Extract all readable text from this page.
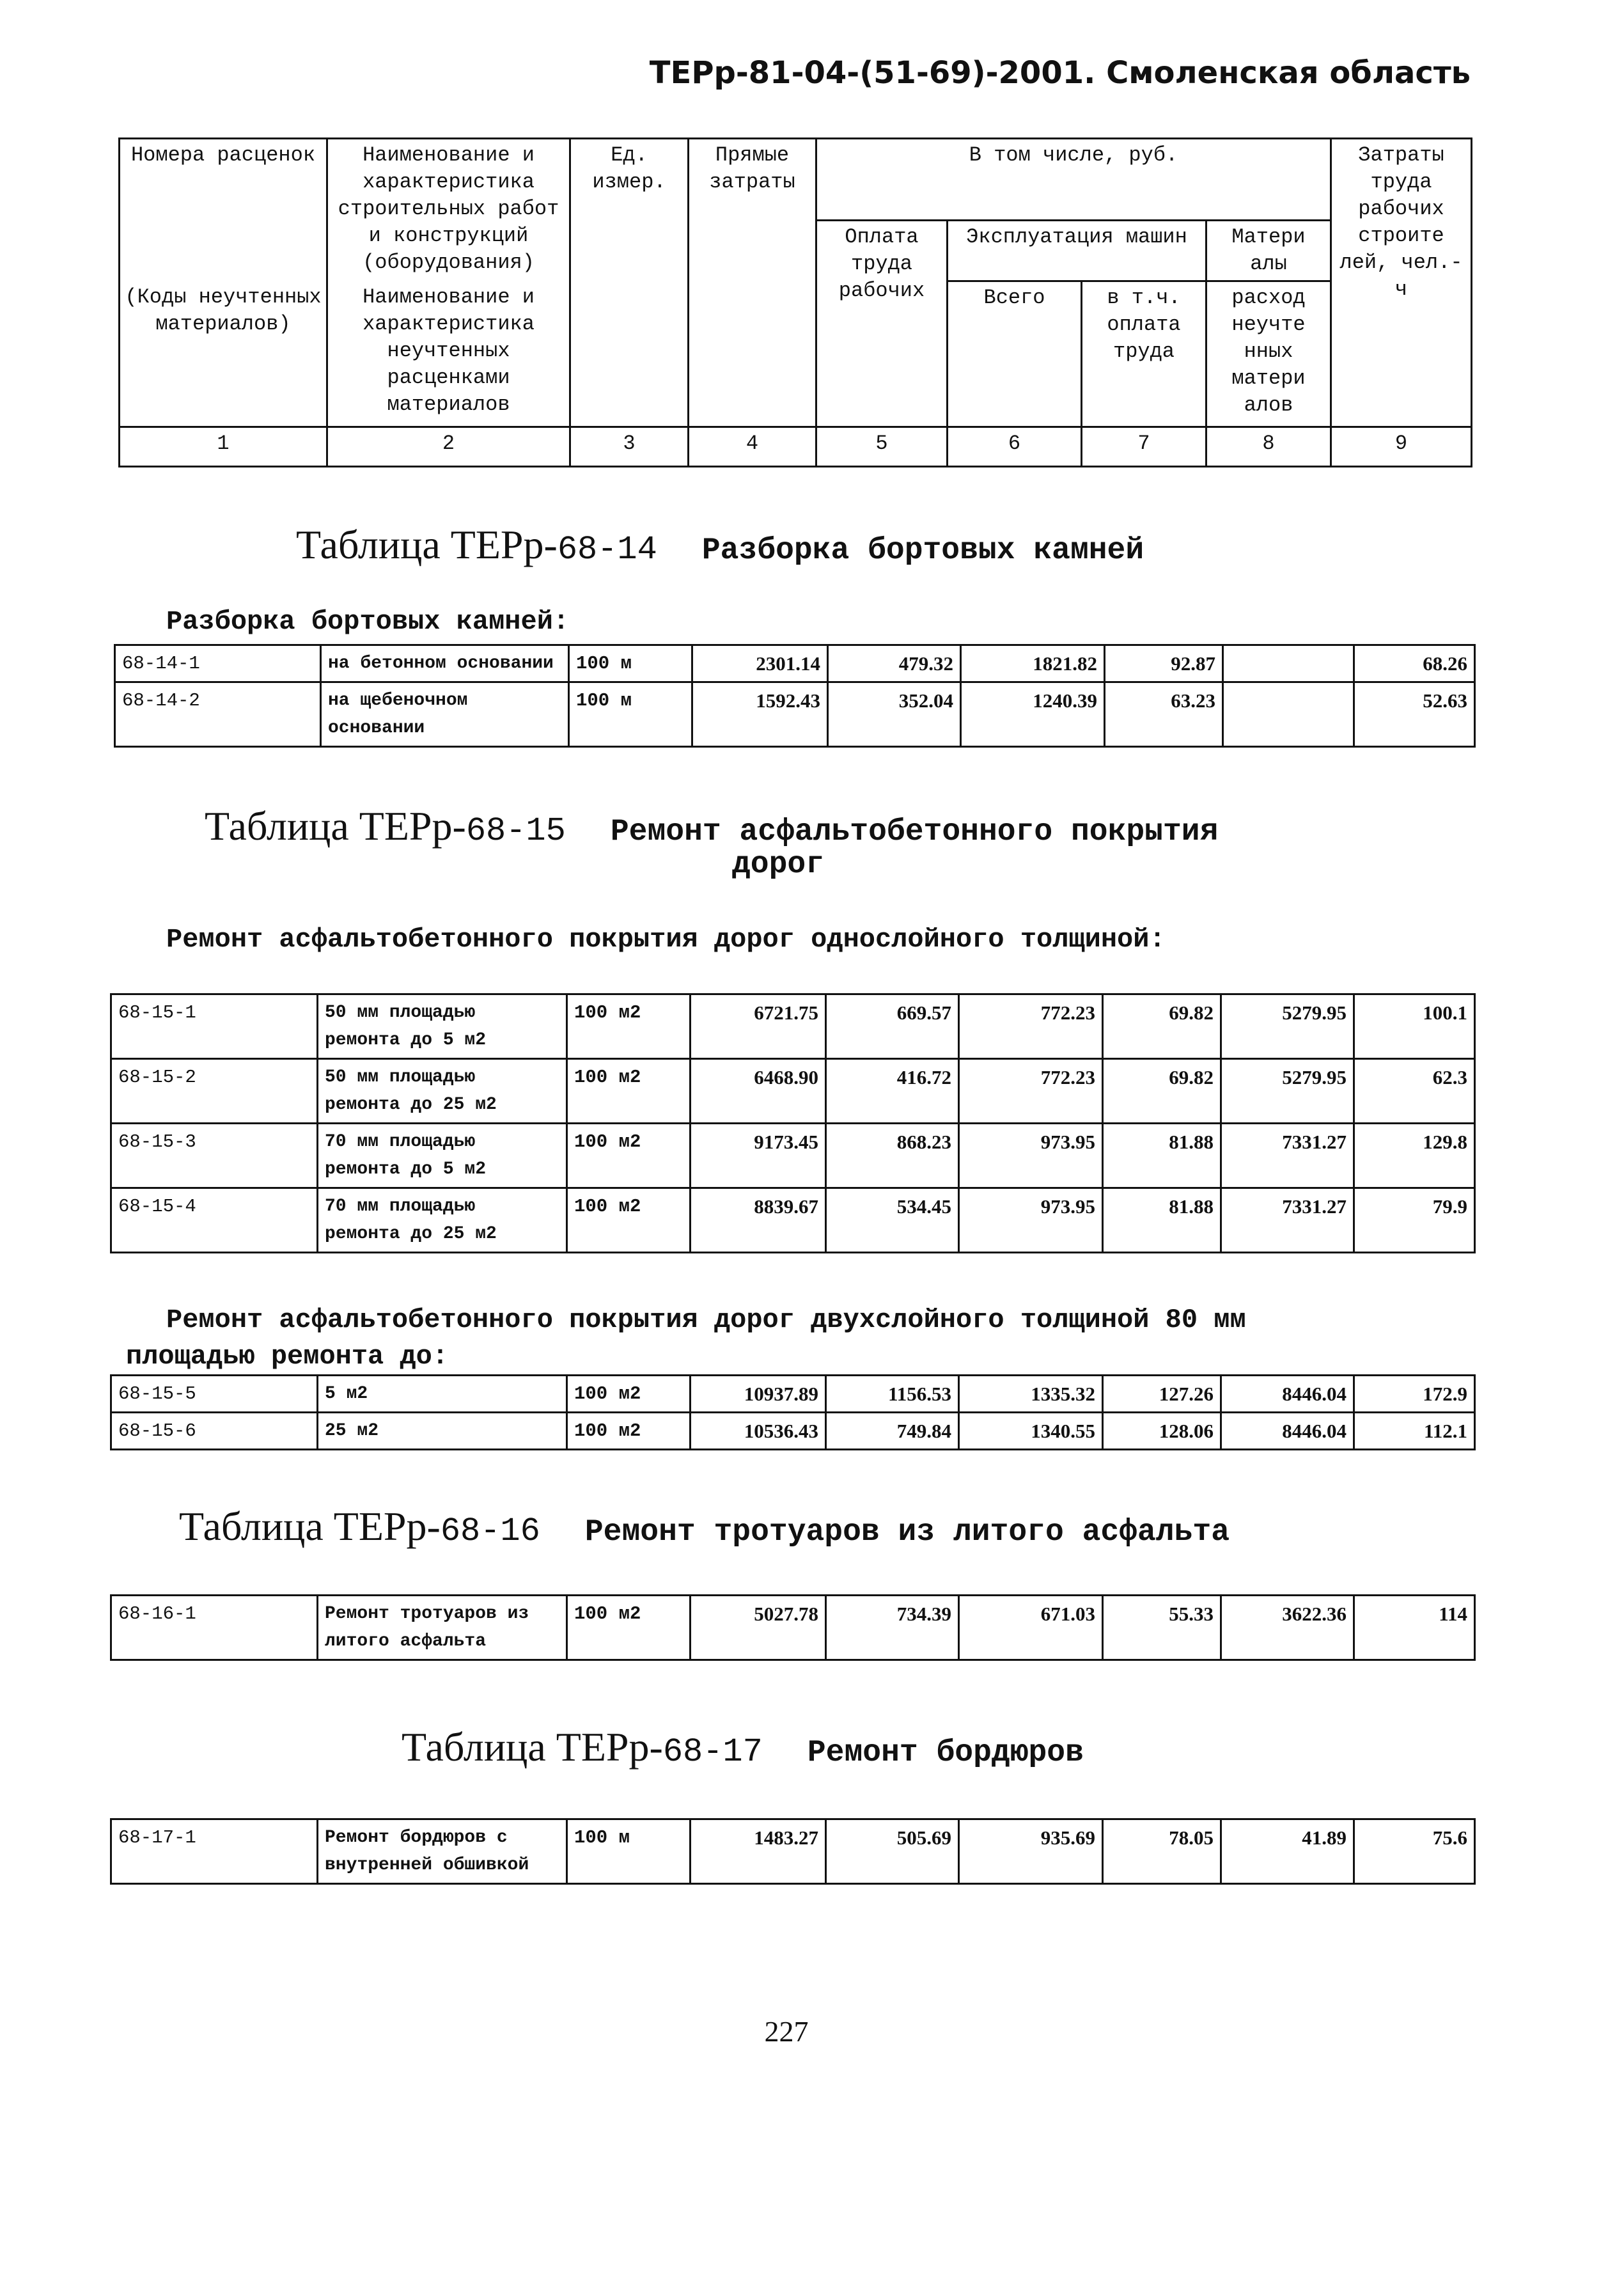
ТЕРр-81-04-(51-69)-2001. Смоленская область
Номера расценок	Наименование и характеристика строительных работ и конструкций (оборудования)	Ед. измер.	Прямые затраты	В том числе, руб.				Затраты труда рабочих строите лей, чел.-ч
				Оплата труда рабочих	Эксплуатация машин		Матери алы	
(Коды неучтенных материалов)	Наименование и характеристика неучтенных расценками материалов				Всего	в т.ч. оплата труда	расход неучте нных матери алов	
1	2	3	4	5	6	7	8	9
Таблица ТЕРр-68-14 Разборка бортовых камней
Разборка бортовых камней:
68-14-1	на бетонном основании	100 м	2301.14	479.32	1821.82	92.87		68.26
68-14-2	на щебеночном основании	100 м	1592.43	352.04	1240.39	63.23		52.63
Таблица ТЕРр-68-15 Ремонт асфальтобетонного покрытия
дорог
Ремонт асфальтобетонного покрытия дорог однослойного толщиной:
68-15-1	50 мм площадью ремонта до 5 м2	100 м2	6721.75	669.57	772.23	69.82	5279.95	100.1
68-15-2	50 мм площадью ремонта до 25 м2	100 м2	6468.90	416.72	772.23	69.82	5279.95	62.3
68-15-3	70 мм площадью ремонта до 5 м2	100 м2	9173.45	868.23	973.95	81.88	7331.27	129.8
68-15-4	70 мм площадью ремонта до 25 м2	100 м2	8839.67	534.45	973.95	81.88	7331.27	79.9
Ремонт асфальтобетонного покрытия дорог двухслойного толщиной 80 мм
площадью ремонта до:
68-15-5	5 м2	100 м2	10937.89	1156.53	1335.32	127.26	8446.04	172.9
68-15-6	25 м2	100 м2	10536.43	749.84	1340.55	128.06	8446.04	112.1
Таблица ТЕРр-68-16 Ремонт тротуаров из литого асфальта
68-16-1	Ремонт тротуаров из литого асфальта	100 м2	5027.78	734.39	671.03	55.33	3622.36	114
Таблица ТЕРр-68-17 Ремонт бордюров
68-17-1	Ремонт бордюров с внутренней обшивкой	100 м	1483.27	505.69	935.69	78.05	41.89	75.6
227
